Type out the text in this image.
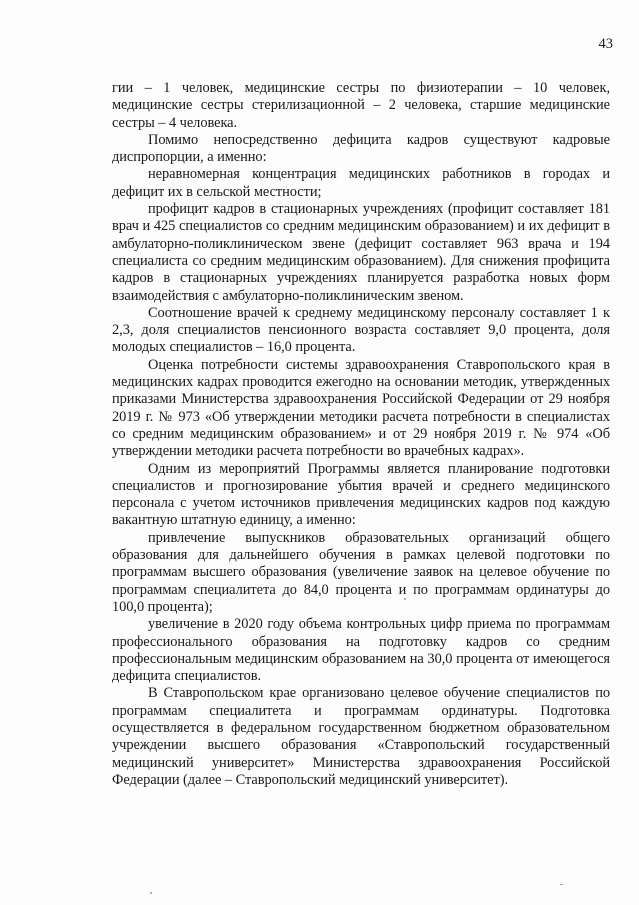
43

гии – 1 человек, медицинские сестры по физиотерапии – 10 человек, медицинские сестры стерилизационной – 2 человека, старшие медицинские сестры – 4 человека.

Помимо непосредственно дефицита кадров существуют кадровые диспропорции, а именно:

неравномерная концентрация медицинских работников в городах и дефицит их в сельской местности;

профицит кадров в стационарных учреждениях (профицит составляет 181 врач и 425 специалистов со средним медицинским образованием) и их дефицит в амбулаторно-поликлиническом звене (дефицит составляет 963 врача и 194 специалиста со средним медицинским образованием). Для снижения профицита кадров в стационарных учреждениях планируется разработка новых форм взаимодействия с амбулаторно-поликлиническим звеном.

Соотношение врачей к среднему медицинскому персоналу составляет 1 к 2,3, доля специалистов пенсионного возраста составляет 9,0 процента, доля молодых специалистов – 16,0 процента.

Оценка потребности системы здравоохранения Ставропольского края в медицинских кадрах проводится ежегодно на основании методик, утвержденных приказами Министерства здравоохранения Российской Федерации от 29 ноября 2019 г. № 973 «Об утверждении методики расчета потребности в специалистах со средним медицинским образованием» и от 29 ноября 2019 г. № 974 «Об утверждении методики расчета потребности во врачебных кадрах».

Одним из мероприятий Программы является планирование подготовки специалистов и прогнозирование убытия врачей и среднего медицинского персонала с учетом источников привлечения медицинских кадров под каждую вакантную штатную единицу, а именно:

привлечение выпускников образовательных организаций общего образования для дальнейшего обучения в рамках целевой подготовки по программам высшего образования (увеличение заявок на целевое обучение по программам специалитета до 84,0 процента и по программам ординатуры до 100,0 процента);

увеличение в 2020 году объема контрольных цифр приема по программам профессионального образования на подготовку кадров со средним профессиональным медицинским образованием на 30,0 процента от имеющегося дефицита специалистов.

В Ставропольском крае организовано целевое обучение специалистов по программам специалитета и программам ординатуры. Подготовка осуществляется в федеральном государственном бюджетном образовательном учреждении высшего образования «Ставропольский государственный медицинский университет» Министерства здравоохранения Российской Федерации (далее – Ставропольский медицинский университет).
